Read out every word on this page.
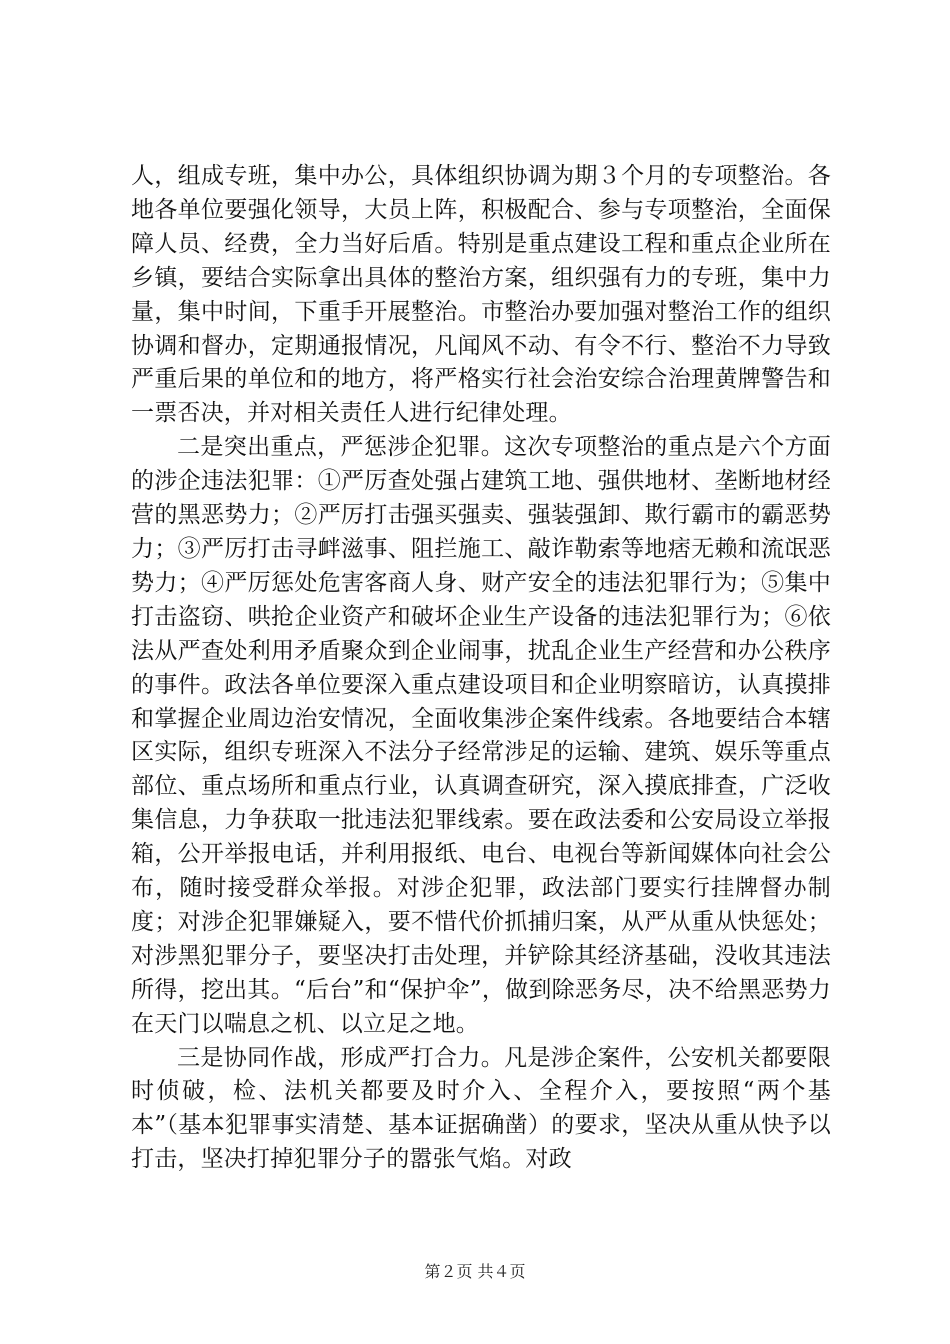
人，组成专班，集中办公，具体组织协调为期３个月的专项整治。各地各单位要强化领导，大员上阵，积极配合、参与专项整治，全面保障人员、经费，全力当好后盾。特别是重点建设工程和重点企业所在乡镇，要结合实际拿出具体的整治方案，组织强有力的专班，集中力量，集中时间，下重手开展整治。市整治办要加强对整治工作的组织协调和督办，定期通报情况，凡闻风不动、有令不行、整治不力导致严重后果的单位和的地方，将严格实行社会治安综合治理黄牌警告和一票否决，并对相关责任人进行纪律处理。

二是突出重点，严惩涉企犯罪。这次专项整治的重点是六个方面的涉企违法犯罪：①严厉查处强占建筑工地、强供地材、垄断地材经营的黑恶势力；②严厉打击强买强卖、强装强卸、欺行霸市的霸恶势力；③严厉打击寻衅滋事、阻拦施工、敲诈勒索等地痞无赖和流氓恶势力；④严厉惩处危害客商人身、财产安全的违法犯罪行为；⑤集中打击盗窃、哄抢企业资产和破坏企业生产设备的违法犯罪行为；⑥依法从严查处利用矛盾聚众到企业闹事，扰乱企业生产经营和办公秩序的事件。政法各单位要深入重点建设项目和企业明察暗访，认真摸排和掌握企业周边治安情况，全面收集涉企案件线索。各地要结合本辖区实际，组织专班深入不法分子经常涉足的运输、建筑、娱乐等重点部位、重点场所和重点行业，认真调查研究，深入摸底排查，广泛收集信息，力争获取一批违法犯罪线索。要在政法委和公安局设立举报箱，公开举报电话，并利用报纸、电台、电视台等新闻媒体向社会公布，随时接受群众举报。对涉企犯罪，政法部门要实行挂牌督办制度；对涉企犯罪嫌疑入，要不惜代价抓捕归案，从严从重从快惩处；对涉黑犯罪分子，要坚决打击处理，并铲除其经济基础，没收其违法所得，挖出其。“后台”和“保护伞”，做到除恶务尽，决不给黑恶势力在天门以喘息之机、以立足之地。

三是协同作战，形成严打合力。凡是涉企案件，公安机关都要限时侦破，检、法机关都要及时介入、全程介入，要按照“两个基本”（基本犯罪事实清楚、基本证据确凿）的要求，坚决从重从快予以打击，坚决打掉犯罪分子的嚣张气焰。对政

第２页 共４页
